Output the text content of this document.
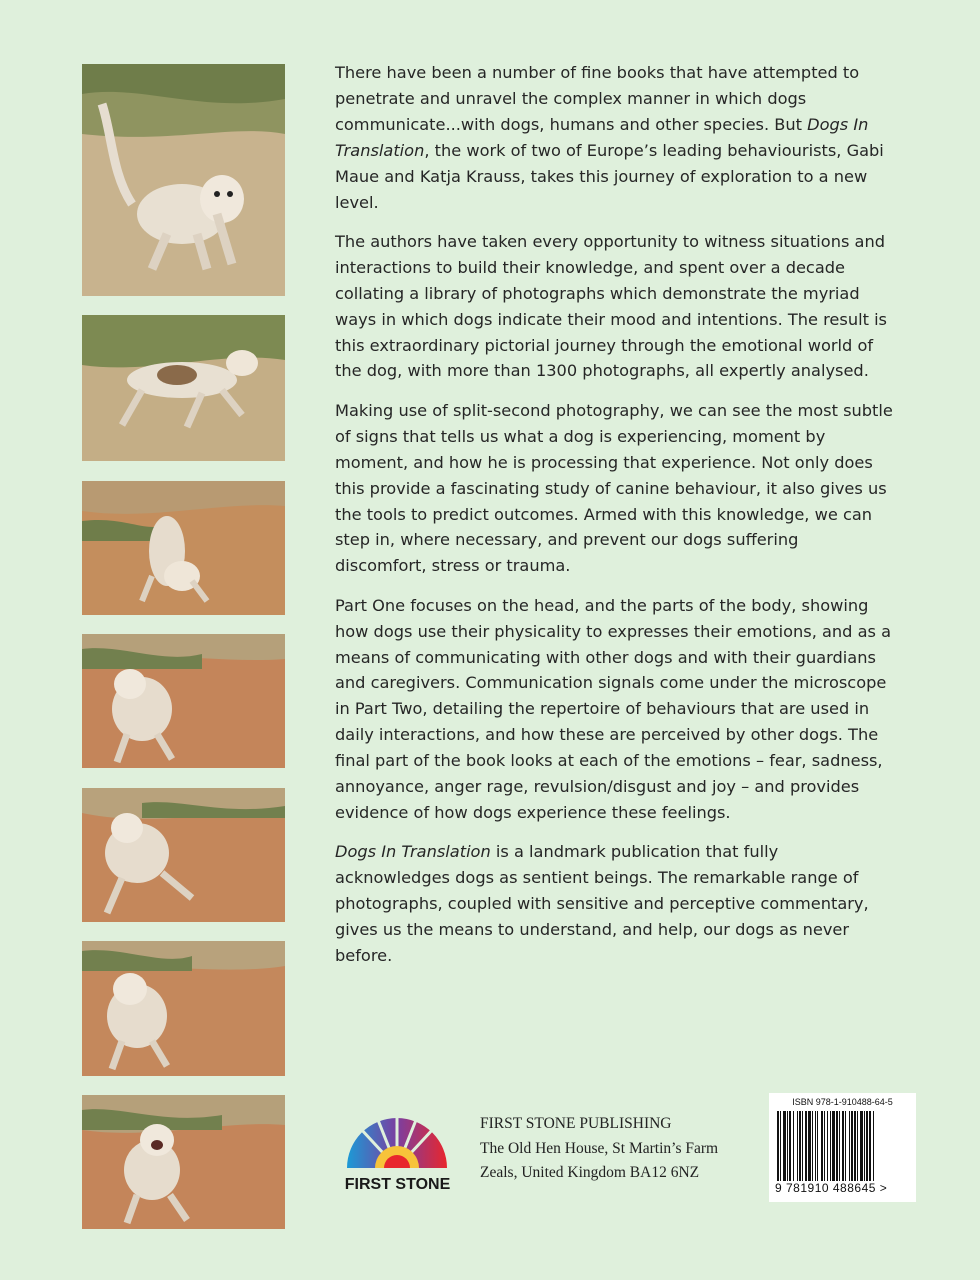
There have been a number of fine books that have attempted to penetrate and unravel the complex manner in which dogs communicate...with dogs, humans and other species. But Dogs In Translation, the work of two of Europe’s leading behaviourists, Gabi Maue and Katja Krauss, takes this journey of exploration to a new level.

The authors have taken every opportunity to witness situations and interactions to build their knowledge, and spent over a decade collating a library of photographs which demonstrate the myriad ways in which dogs indicate their mood and intentions. The result is this extraordinary pictorial journey through the emotional world of the dog, with more than 1300 photographs, all expertly analysed.

Making use of split-second photography, we can see the most subtle of signs that tells us what a dog is experiencing, moment by moment, and how he is processing that experience. Not only does this provide a fascinating study of canine behaviour, it also gives us the tools to predict outcomes. Armed with this knowledge, we can step in, where necessary, and prevent our dogs suffering discomfort, stress or trauma.

Part One focuses on the head, and the parts of the body, showing how dogs use their physicality to expresses their emotions, and as a means of communicating with other dogs and with their guardians and caregivers. Communication signals come under the microscope in Part Two, detailing the repertoire of behaviours that are used in daily interactions, and how these are perceived by other dogs. The final part of the book looks at each of the emotions – fear, sadness, annoyance, anger rage, revulsion/disgust and joy – and provides evidence of how dogs experience these feelings.

Dogs In Translation is a landmark publication that fully acknowledges dogs as sentient beings. The remarkable range of photographs, coupled with sensitive and perceptive commentary, gives us the means to understand, and help, our dogs as never before.

FIRST STONE
FIRST STONE PUBLISHING
The Old Hen House, St Martin’s Farm
Zeals, United Kingdom BA12 6NZ
ISBN 978-1-910488-64-5
9 781910 488645 >
